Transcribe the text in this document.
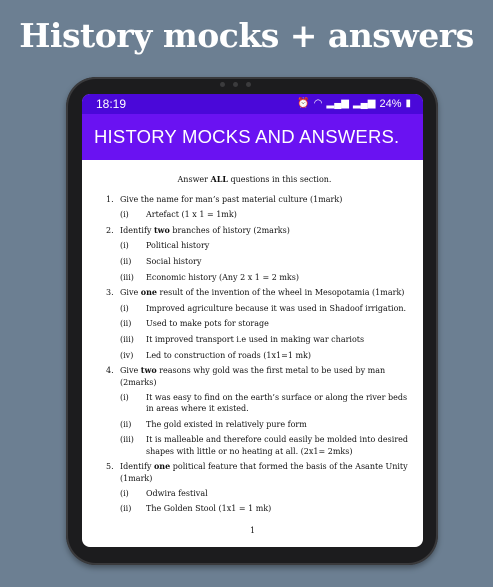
History mocks + answers
18:19	⏰ ◠ ▂▄▆ ▂▄▆ 24% ▮
HISTORY MOCKS AND ANSWERS.
Answer ALL questions in this section.
1. Give the name for man’s past material culture (1mark)
(i)	Artefact (1 x 1 = 1mk)
2. Identify two branches of history (2marks)
(i)	Political history
(ii)	Social history
(iii)	Economic history (Any 2 x 1 = 2 mks)
3. Give one result of the invention of the wheel in Mesopotamia (1mark)
(i)	Improved agriculture because it was used in Shadoof irrigation.
(ii)	Used to make pots for storage
(iii)	It improved transport i.e used in making war chariots
(iv)	Led to construction of roads (1x1=1 mk)
4. Give two reasons why gold was the first metal to be used by man (2marks)
(i)	It was easy to find on the earth’s surface or along the river beds in areas where it existed.
(ii)	The gold existed in relatively pure form
(iii)	It is malleable and therefore could easily be molded into desired shapes with little or no heating at all. (2x1= 2mks)
5. Identify one political feature that formed the basis of the Asante Unity (1mark)
(i)	Odwira festival
(ii)	The Golden Stool (1x1 = 1 mk)
1
